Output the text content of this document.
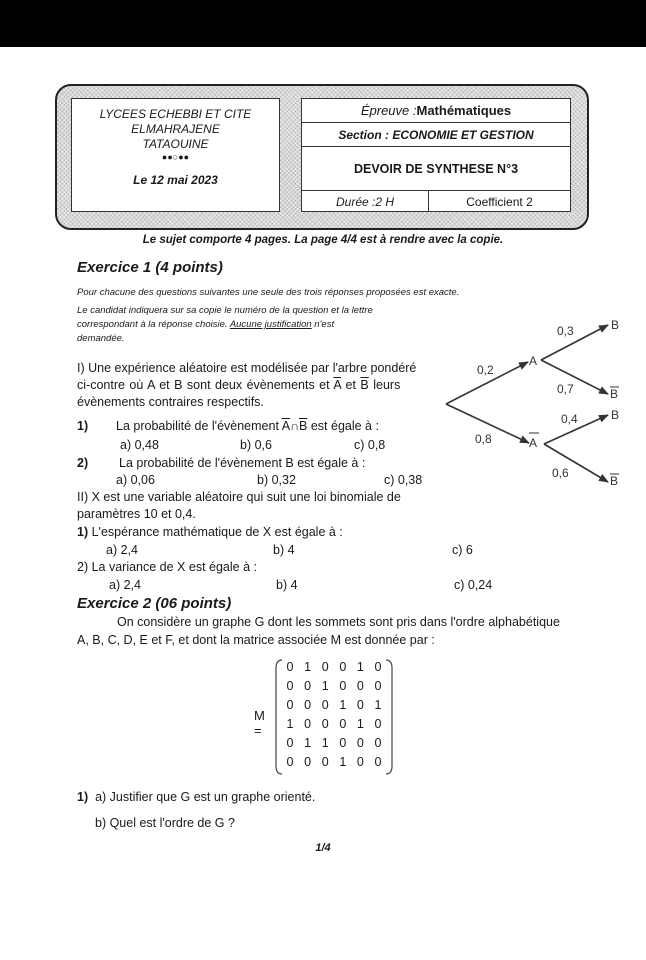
LYCEES ECHEBBI ET CITE
ELMAHRAJENE
TATAOUINE
●●○●●
Le 12 mai 2023
Épreuve : Mathématiques
Section : ECONOMIE ET GESTION
DEVOIR DE SYNTHESE N°3
Durée :2 H	Coefficient 2
Le sujet comporte 4 pages. La page 4/4 est à rendre avec la copie.
Exercice 1 (4 points)
Pour chacune des questions suivantes une seule des trois réponses proposées est exacte.
Le candidat indiquera sur sa copie le numéro de la question et la lettre
correspondant à la réponse choisie. Aucune justification n'est
demandée.
I) Une expérience aléatoire est modélisée par l'arbre pondéré
ci-contre où A et B sont deux évènements et $\overline{A}$ et $\overline{B}$ leurs
évènements contraires respectifs.
1) La probabilité de l'évènement $\overline{A}\cap\overline{B}$ est égale à :
a) 0,48	b) 0,6	c) 0,8
2) La probabilité de l'évènement B est égale à :
a) 0,06	b) 0,32	c) 0,38
II) X est une variable aléatoire qui suit une loi binomiale de
paramètres 10 et 0,4.
1) L'espérance mathématique de X est égale à :
a) 2,4	b) 4	c) 6
2) La variance de X est égale à :
a) 2,4	b) 4	c) 0,24
0,2
0,8
A
A
0,3
0,7
0,4
0,6
B
B
B
B
Exercice 2 (06 points)
On considère un graphe G dont les sommets sont pris dans l'ordre alphabétique
A, B, C, D, E et F, et dont la matrice associée M est donnée par :
M =
0 1 0 0 1 0
0 0 1 0 0 0
0 0 0 1 0 1
1 0 0 0 1 0
0 1 1 0 0 0
0 0 0 1 0 0
1) a) Justifier que G est un graphe orienté.
b) Quel est l'ordre de G ?
1/4
